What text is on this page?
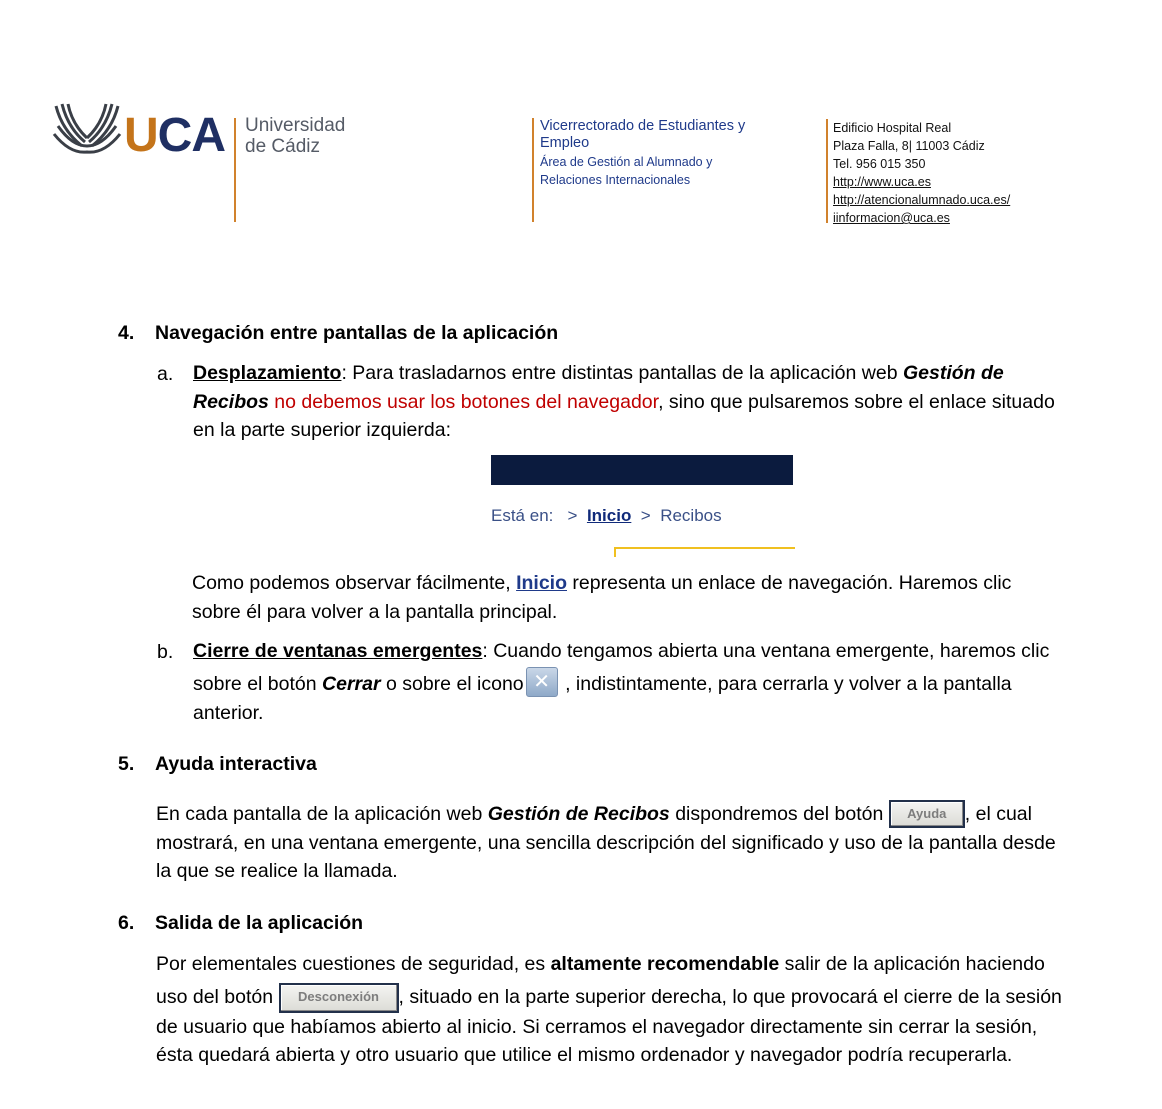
UCA Universidad
de Cádiz
Vicerrectorado de Estudiantes y
Empleo
Área de Gestión al Alumnado y
Relaciones Internacionales
Edificio Hospital Real
Plaza Falla, 8| 11003 Cádiz
Tel. 956 015 350
http://www.uca.es
http://atencionalumnado.uca.es/
iinformacion@uca.es
4. Navegación entre pantallas de la aplicación
a. Desplazamiento: Para trasladarnos entre distintas pantallas de la aplicación web Gestión de
Recibos no debemos usar los botones del navegador, sino que pulsaremos sobre el enlace situado
en la parte superior izquierda:
Está en: > Inicio > Recibos
Como podemos observar fácilmente, Inicio representa un enlace de navegación. Haremos clic
sobre él para volver a la pantalla principal.
b. Cierre de ventanas emergentes: Cuando tengamos abierta una ventana emergente, haremos clic
sobre el botón Cerrar o sobre el icono ✕ , indistintamente, para cerrarla y volver a la pantalla
anterior.
5. Ayuda interactiva
En cada pantalla de la aplicación web Gestión de Recibos dispondremos del botón Ayuda , el cual
mostrará, en una ventana emergente, una sencilla descripción del significado y uso de la pantalla desde
la que se realice la llamada.
6. Salida de la aplicación
Por elementales cuestiones de seguridad, es altamente recomendable salir de la aplicación haciendo
uso del botón Desconexión , situado en la parte superior derecha, lo que provocará el cierre de la sesión
de usuario que habíamos abierto al inicio. Si cerramos el navegador directamente sin cerrar la sesión,
ésta quedará abierta y otro usuario que utilice el mismo ordenador y navegador podría recuperarla.
